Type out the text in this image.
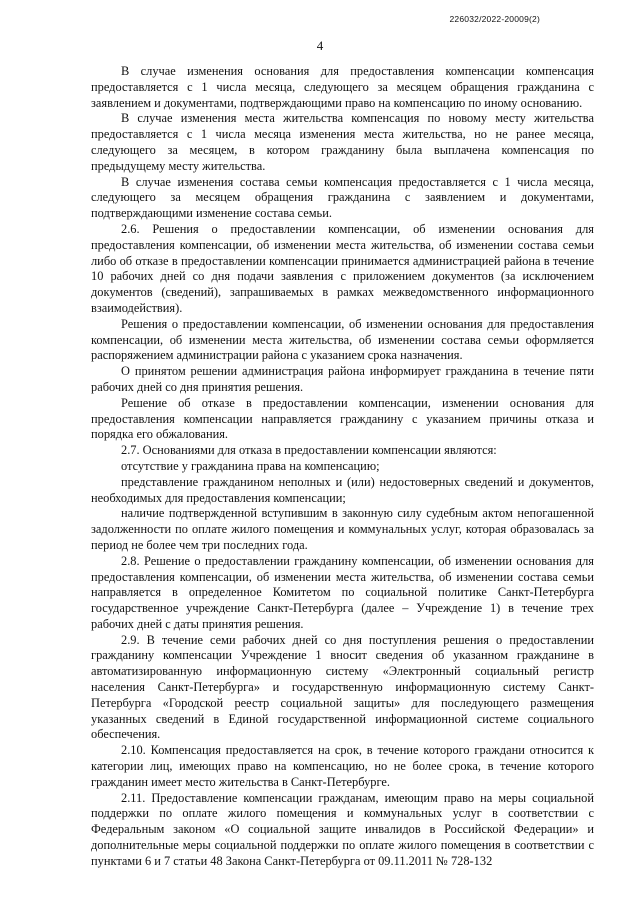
226032/2022-20009(2)
4

В случае изменения основания для предоставления компенсации компенсация предоставляется с 1 числа месяца, следующего за месяцем обращения гражданина с заявлением и документами, подтверждающими право на компенсацию по иному основанию.

В случае изменения места жительства компенсация по новому месту жительства предоставляется с 1 числа месяца изменения места жительства, но не ранее месяца, следующего за месяцем, в котором гражданину была выплачена компенсация по предыдущему месту жительства.

В случае изменения состава семьи компенсация предоставляется с 1 числа месяца, следующего за месяцем обращения гражданина с заявлением и документами, подтверждающими изменение состава семьи.

2.6. Решения о предоставлении компенсации, об изменении основания для предоставления компенсации, об изменении места жительства, об изменении состава семьи либо об отказе в предоставлении компенсации принимается администрацией района в течение 10 рабочих дней со дня подачи заявления с приложением документов (за исключением документов (сведений), запрашиваемых в рамках межведомственного информационного взаимодействия).

Решения о предоставлении компенсации, об изменении основания для предоставления компенсации, об изменении места жительства, об изменении состава семьи оформляется распоряжением администрации района с указанием срока назначения.

О принятом решении администрация района информирует гражданина в течение пяти рабочих дней со дня принятия решения.

Решение об отказе в предоставлении компенсации, изменении основания для предоставления компенсации направляется гражданину с указанием причины отказа и порядка его обжалования.

2.7. Основаниями для отказа в предоставлении компенсации являются:

отсутствие у гражданина права на компенсацию;

представление гражданином неполных и (или) недостоверных сведений и документов, необходимых для предоставления компенсации;

наличие подтвержденной вступившим в законную силу судебным актом непогашенной задолженности по оплате жилого помещения и коммунальных услуг, которая образовалась за период не более чем три последних года.

2.8. Решение о предоставлении гражданину компенсации, об изменении основания для предоставления компенсации, об изменении места жительства, об изменении состава семьи направляется в определенное Комитетом по социальной политике Санкт-Петербурга государственное учреждение Санкт-Петербурга (далее – Учреждение 1) в течение трех рабочих дней с даты принятия решения.

2.9. В течение семи рабочих дней со дня поступления решения о предоставлении гражданину компенсации Учреждение 1 вносит сведения об указанном гражданине в автоматизированную информационную систему «Электронный социальный регистр населения Санкт-Петербурга» и государственную информационную систему Санкт-Петербурга «Городской реестр социальной защиты» для последующего размещения указанных сведений в Единой государственной информационной системе социального обеспечения.

2.10. Компенсация предоставляется на срок, в течение которого граждани относится к категории лиц, имеющих право на компенсацию, но не более срока, в течение которого гражданин имеет место жительства в Санкт-Петербурге.

2.11. Предоставление компенсации гражданам, имеющим право на меры социальной поддержки по оплате жилого помещения и коммунальных услуг в соответствии с Федеральным законом «О социальной защите инвалидов в Российской Федерации» и дополнительные меры социальной поддержки по оплате жилого помещения в соответствии с пунктами 6 и 7 статьи 48 Закона Санкт-Петербурга от 09.11.2011 № 728-132
